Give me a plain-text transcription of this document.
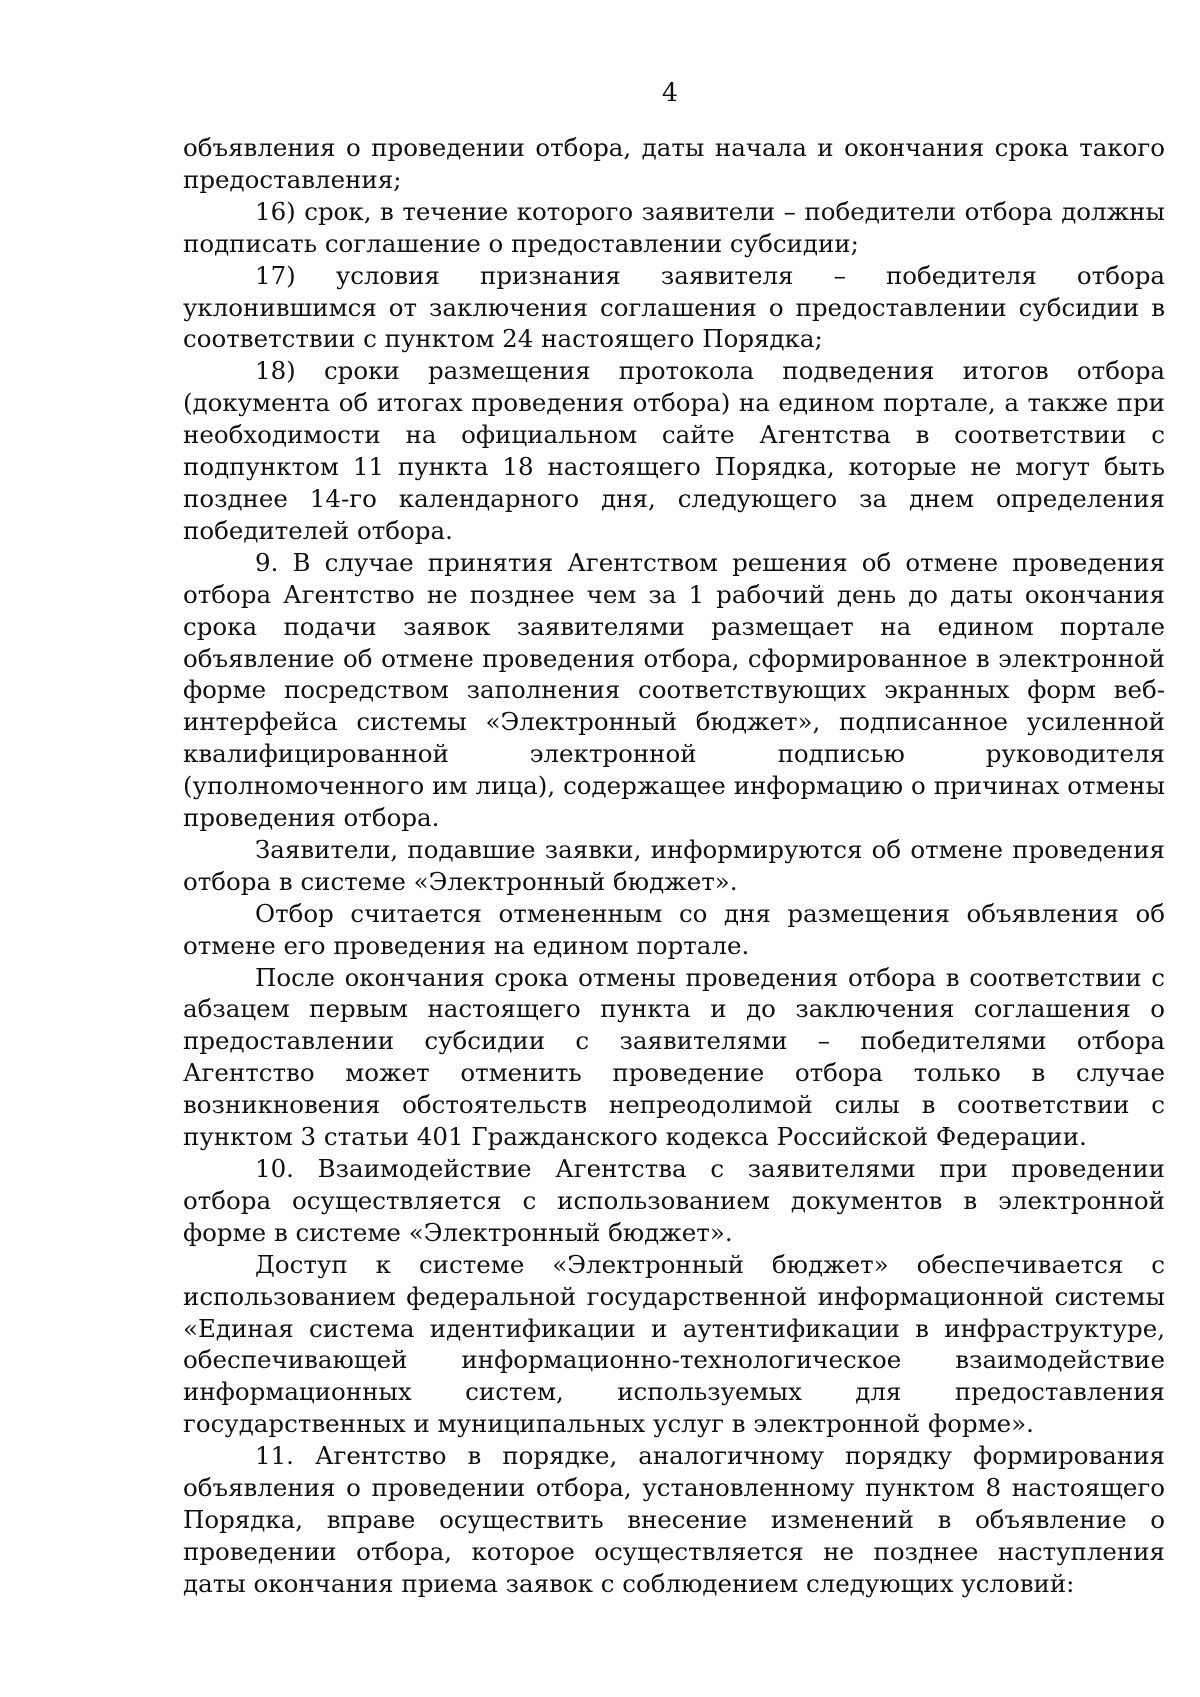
4

объявления о проведении отбора, даты начала и окончания срока такого предоставления;

16) срок, в течение которого заявители – победители отбора должны подписать соглашение о предоставлении субсидии;

17) условия признания заявителя – победителя отбора уклонившимся от заключения соглашения о предоставлении субсидии в соответствии с пунктом 24 настоящего Порядка;

18) сроки размещения протокола подведения итогов отбора (документа об итогах проведения отбора) на едином портале, а также при необходимости на официальном сайте Агентства в соответствии с подпунктом 11 пункта 18 настоящего Порядка, которые не могут быть позднее 14-го календарного дня, следующего за днем определения победителей отбора.

9. В случае принятия Агентством решения об отмене проведения отбора Агентство не позднее чем за 1 рабочий день до даты окончания срока подачи заявок заявителями размещает на едином портале объявление об отмене проведения отбора, сформированное в электронной форме посредством заполнения соответствующих экранных форм веб-интерфейса системы «Электронный бюджет», подписанное усиленной квалифицированной электронной подписью руководителя (уполномоченного им лица), содержащее информацию о причинах отмены проведения отбора.

Заявители, подавшие заявки, информируются об отмене проведения отбора в системе «Электронный бюджет».

Отбор считается отмененным со дня размещения объявления об отмене его проведения на едином портале.

После окончания срока отмены проведения отбора в соответствии с абзацем первым настоящего пункта и до заключения соглашения о предоставлении субсидии с заявителями – победителями отбора Агентство может отменить проведение отбора только в случае возникновения обстоятельств непреодолимой силы в соответствии с пунктом 3 статьи 401 Гражданского кодекса Российской Федерации.

10. Взаимодействие Агентства с заявителями при проведении отбора осуществляется с использованием документов в электронной форме в системе «Электронный бюджет».

Доступ к системе «Электронный бюджет» обеспечивается с использованием федеральной государственной информационной системы «Единая система идентификации и аутентификации в инфраструктуре, обеспечивающей информационно-технологическое взаимодействие информационных систем, используемых для предоставления государственных и муниципальных услуг в электронной форме».

11. Агентство в порядке, аналогичному порядку формирования объявления о проведении отбора, установленному пунктом 8 настоящего Порядка, вправе осуществить внесение изменений в объявление о проведении отбора, которое осуществляется не позднее наступления даты окончания приема заявок с соблюдением следующих условий:
